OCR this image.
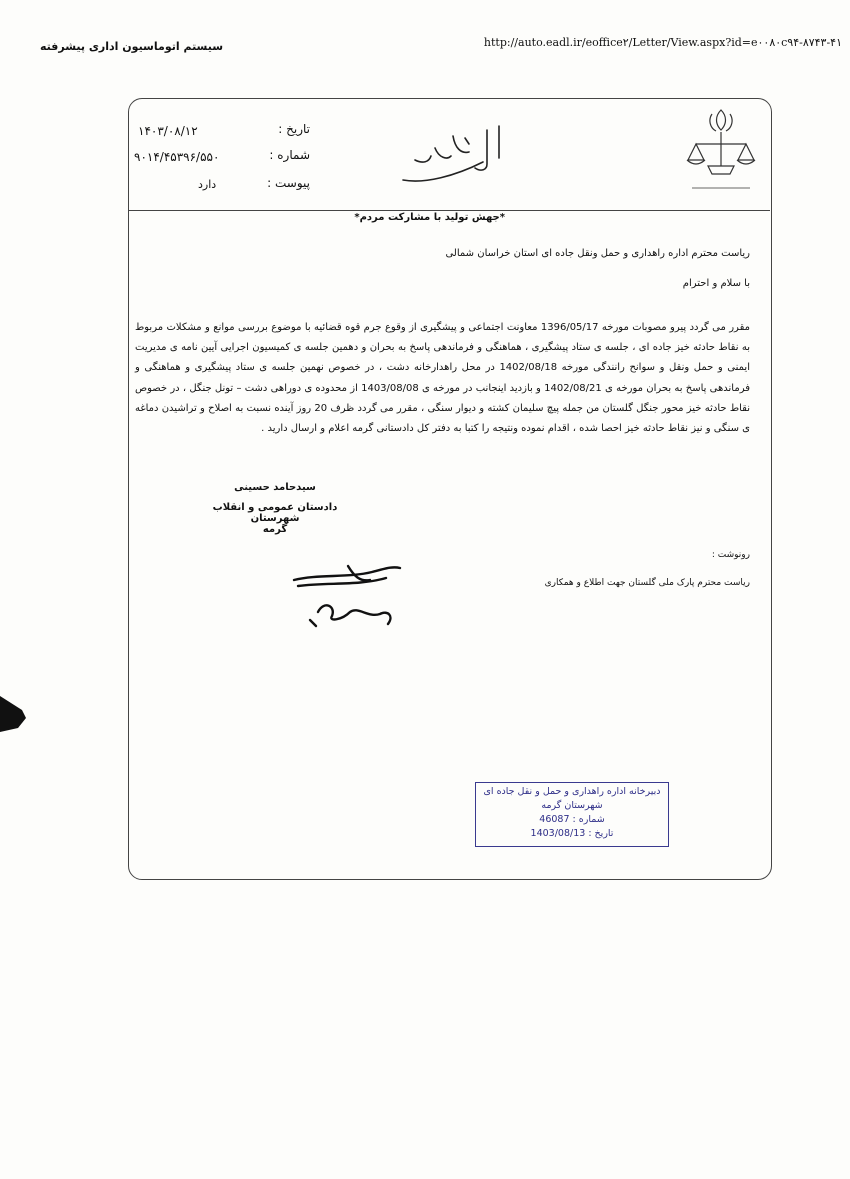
سیستم اتوماسیون اداری پیشرفته	http://auto.eadl.ir/eoffice۲/Letter/View.aspx?id=e۰۰۸۰c۹۴-۸۷۴۳-۴۱
تاریخ :
شماره :
پیوست :
۱۴۰۳/۰۸/۱۲
۹۰۱۴/۴۵۳۹۶/۵۵۰
دارد
*جهش تولید با مشارکت مردم*
ریاست محترم اداره راهداری و حمل ونقل جاده ای استان خراسان شمالی
با سلام و احترام
مقرر می گردد پیرو مصوبات مورخه 1396/05/17 معاونت اجتماعی و پیشگیری از وقوع جرم قوه قضائیه با موضوع بررسی موانع و مشکلات مربوط به نقاط حادثه خیز جاده ای ، جلسه ی ستاد پیشگیری ، هماهنگی و فرماندهی پاسخ به بحران و دهمین جلسه ی کمیسیون اجرایی آیین نامه ی مدیریت ایمنی و حمل ونقل و سوانح رانندگی مورخه 1402/08/18 در محل راهدارخانه دشت ، در خصوص نهمین جلسه ی ستاد پیشگیری و هماهنگی و فرماندهی پاسخ به بحران مورخه ی 1402/08/21 و بازدید اینجانب در مورخه ی 1403/08/08 از محدوده ی دوراهی دشت – تونل جنگل ، در خصوص نقاط حادثه خیز محور جنگل گلستان من جمله پیچ سلیمان کشته و دیوار سنگی ، مقرر می گردد ظرف 20 روز آینده نسبت به اصلاح و تراشیدن دماغه ی سنگی و نیز نقاط حادثه خیز احصا شده ، اقدام نموده ونتیجه را کتبا به دفتر کل دادستانی گرمه اعلام و ارسال دارید .
سیدحامد حسینی
دادستان عمومی و انقلاب شهرستان
گرمه
رونوشت :
ریاست محترم پارک ملی گلستان جهت اطلاع و همکاری
دبیرخانه اداره راهداری و حمل و نقل جاده ای
شهرستان گرمه
شماره : 46087
تاریخ : 1403/08/13
